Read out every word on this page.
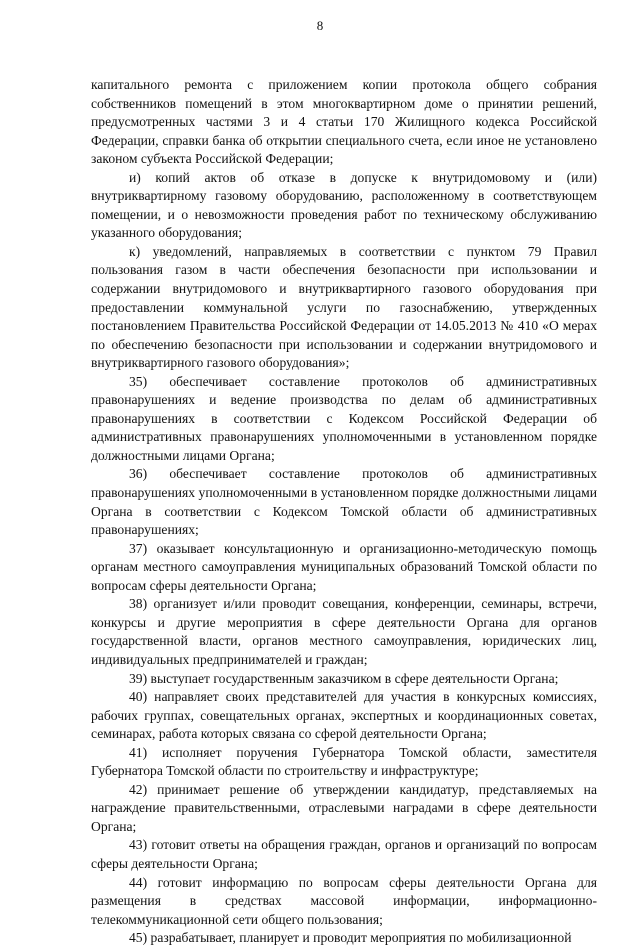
8

капитального ремонта с приложением копии протокола общего собрания собственников помещений в этом многоквартирном доме о принятии решений, предусмотренных частями 3 и 4 статьи 170 Жилищного кодекса Российской Федерации, справки банка об открытии специального счета, если иное не установлено законом субъекта Российской Федерации;

и) копий актов об отказе в допуске к внутридомовому и (или) внутриквартирному газовому оборудованию, расположенному в соответствующем помещении, и о невозможности проведения работ по техническому обслуживанию указанного оборудования;

к) уведомлений, направляемых в соответствии с пунктом 79 Правил пользования газом в части обеспечения безопасности при использовании и содержании внутридомового и внутриквартирного газового оборудования при предоставлении коммунальной услуги по газоснабжению, утвержденных постановлением Правительства Российской Федерации от 14.05.2013 № 410 «О мерах по обеспечению безопасности при использовании и содержании внутридомового и внутриквартирного газового оборудования»;

35) обеспечивает составление протоколов об административных правонарушениях и ведение производства по делам об административных правонарушениях в соответствии с Кодексом Российской Федерации об административных правонарушениях уполномоченными в установленном порядке должностными лицами Органа;

36) обеспечивает составление протоколов об административных правонарушениях уполномоченными в установленном порядке должностными лицами Органа в соответствии с Кодексом Томской области об административных правонарушениях;

37) оказывает консультационную и организационно-методическую помощь органам местного самоуправления муниципальных образований Томской области по вопросам сферы деятельности Органа;

38) организует и/или проводит совещания, конференции, семинары, встречи, конкурсы и другие мероприятия в сфере деятельности Органа для органов государственной власти, органов местного самоуправления, юридических лиц, индивидуальных предпринимателей и граждан;

39) выступает государственным заказчиком в сфере деятельности Органа;

40) направляет своих представителей для участия в конкурсных комиссиях, рабочих группах, совещательных органах, экспертных и координационных советах, семинарах, работа которых связана со сферой деятельности Органа;

41) исполняет поручения Губернатора Томской области, заместителя Губернатора Томской области по строительству и инфраструктуре;

42) принимает решение об утверждении кандидатур, представляемых на награждение правительственными, отраслевыми наградами в сфере деятельности Органа;

43) готовит ответы на обращения граждан, органов и организаций по вопросам сферы деятельности Органа;

44) готовит информацию по вопросам сферы деятельности Органа для размещения в средствах массовой информации, информационно-телекоммуникационной сети общего пользования;

45) разрабатывает, планирует и проводит мероприятия по мобилизационной
